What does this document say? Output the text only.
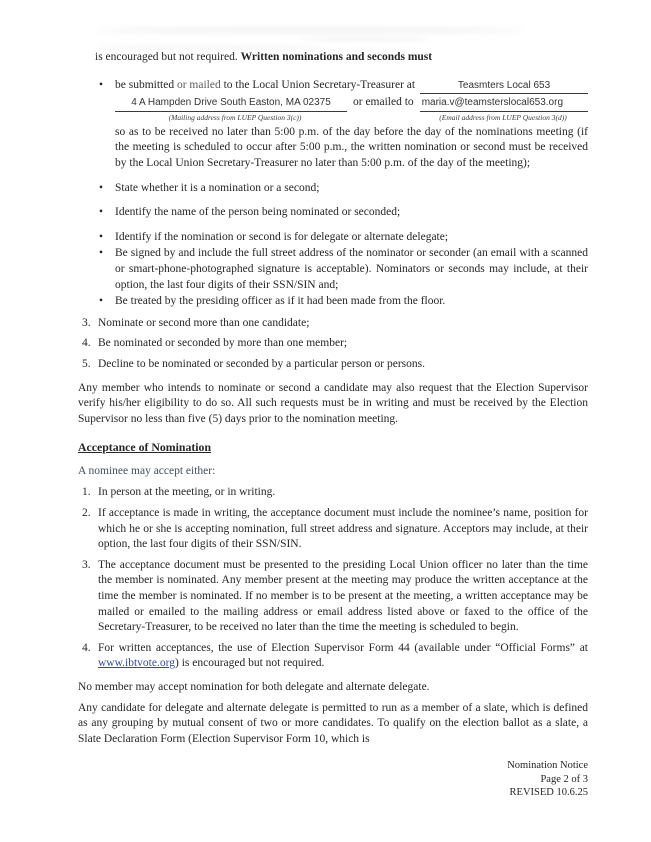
is encouraged but not required. Written nominations and seconds must
• be submitted or mailed to the Local Union Secretary-Treasurer at	Teasmters Local 653
4 A Hampden Drive South Easton, MA 02375	or emailed to maria.v@teamsterslocal653.org
(Mailing address from LUEP Question 3(c))	(Email address from LUEP Question 3(d))
so as to be received no later than 5:00 p.m. of the day before the day of the nominations meeting (if the meeting is scheduled to occur after 5:00 p.m., the written nomination or second must be received by the Local Union Secretary-Treasurer no later than 5:00 p.m. of the day of the meeting);
• State whether it is a nomination or a second;
• Identify the name of the person being nominated or seconded;
• Identify if the nomination or second is for delegate or alternate delegate;
• Be signed by and include the full street address of the nominator or seconder (an email with a scanned or smart-phone-photographed signature is acceptable). Nominators or seconds may include, at their option, the last four digits of their SSN/SIN and;
• Be treated by the presiding officer as if it had been made from the floor.
3. Nominate or second more than one candidate;
4. Be nominated or seconded by more than one member;
5. Decline to be nominated or seconded by a particular person or persons.
Any member who intends to nominate or second a candidate may also request that the Election Supervisor verify his/her eligibility to do so. All such requests must be in writing and must be received by the Election Supervisor no less than five (5) days prior to the nomination meeting.
Acceptance of Nomination
A nominee may accept either:
1. In person at the meeting, or in writing.
2. If acceptance is made in writing, the acceptance document must include the nominee’s name, position for which he or she is accepting nomination, full street address and signature. Acceptors may include, at their option, the last four digits of their SSN/SIN.
3. The acceptance document must be presented to the presiding Local Union officer no later than the time the member is nominated. Any member present at the meeting may produce the written acceptance at the time the member is nominated. If no member is to be present at the meeting, a written acceptance may be mailed or emailed to the mailing address or email address listed above or faxed to the office of the Secretary-Treasurer, to be received no later than the time the meeting is scheduled to begin.
4. For written acceptances, the use of Election Supervisor Form 44 (available under “Official Forms” at www.ibtvote.org) is encouraged but not required.
No member may accept nomination for both delegate and alternate delegate.
Any candidate for delegate and alternate delegate is permitted to run as a member of a slate, which is defined as any grouping by mutual consent of two or more candidates. To qualify on the election ballot as a slate, a Slate Declaration Form (Election Supervisor Form 10, which is
Nomination Notice
Page 2 of 3
REVISED 10.6.25
